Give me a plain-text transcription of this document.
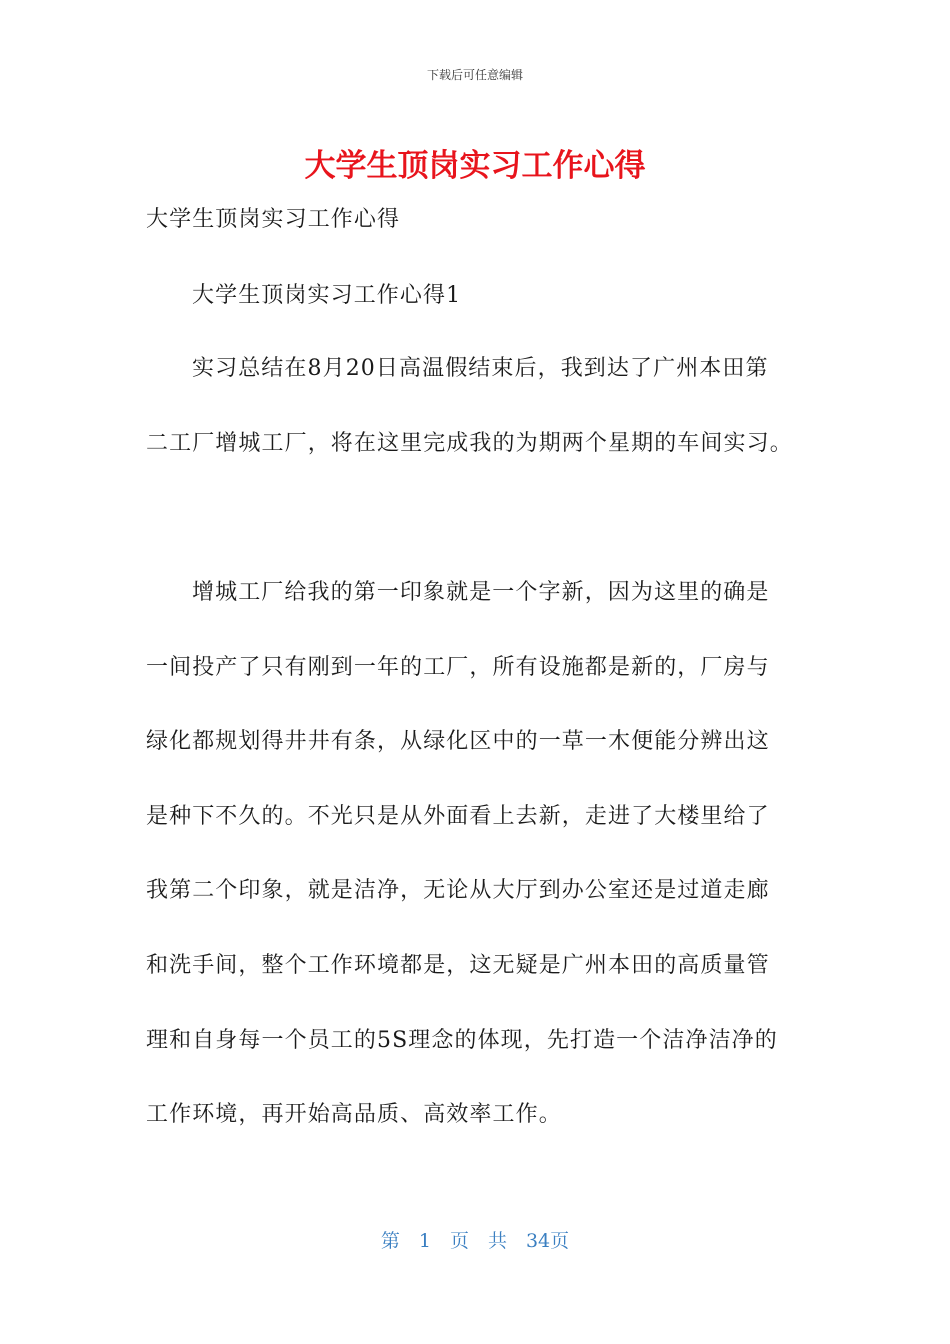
下载后可任意编辑
大学生顶岗实习工作心得
大学生顶岗实习工作心得
大学生顶岗实习工作心得1
实习总结在8月20日高温假结束后，我到达了广州本田第
二工厂增城工厂，将在这里完成我的为期两个星期的车间实习。
增城工厂给我的第一印象就是一个字新，因为这里的确是
一间投产了只有刚到一年的工厂，所有设施都是新的，厂房与
绿化都规划得井井有条，从绿化区中的一草一木便能分辨出这
是种下不久的。不光只是从外面看上去新，走进了大楼里给了
我第二个印象，就是洁净，无论从大厅到办公室还是过道走廊
和洗手间，整个工作环境都是，这无疑是广州本田的高质量管
理和自身每一个员工的5S理念的体现，先打造一个洁净洁净的
工作环境，再开始高品质、高效率工作。
第　1　页　共　34页
